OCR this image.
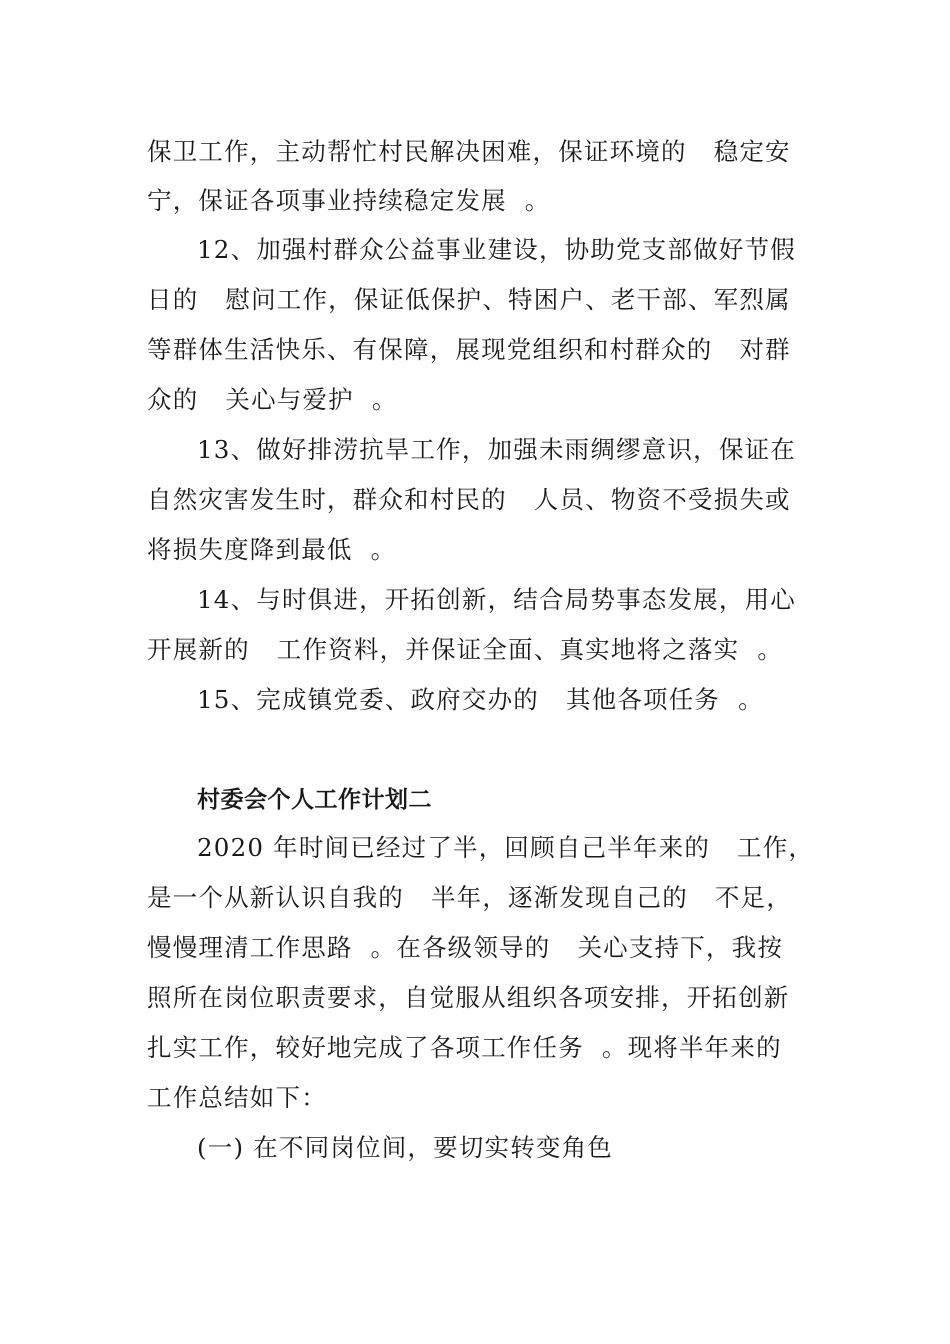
保卫工作，主动帮忙村民解决困难，保证环境的   稳定安
宁，保证各项事业持续稳定发展  。
12、加强村群众公益事业建设，协助党支部做好节假
日的   慰问工作，保证低保护、特困户、老干部、军烈属
等群体生活快乐、有保障，展现党组织和村群众的   对群
众的   关心与爱护  。
13、做好排涝抗旱工作，加强未雨绸缪意识，保证在
自然灾害发生时，群众和村民的   人员、物资不受损失或
将损失度降到最低  。
14、与时俱进，开拓创新，结合局势事态发展，用心
开展新的   工作资料，并保证全面、真实地将之落实  。
15、完成镇党委、政府交办的   其他各项任务  。
村委会个人工作计划二
2020 年时间已经过了半，回顾自己半年来的   工作，
是一个从新认识自我的   半年，逐渐发现自己的   不足，
慢慢理清工作思路  。在各级领导的   关心支持下，我按
照所在岗位职责要求，自觉服从组织各项安排，开拓创新
扎实工作，较好地完成了各项工作任务  。现将半年来的
工作总结如下：
(一) 在不同岗位间，要切实转变角色
